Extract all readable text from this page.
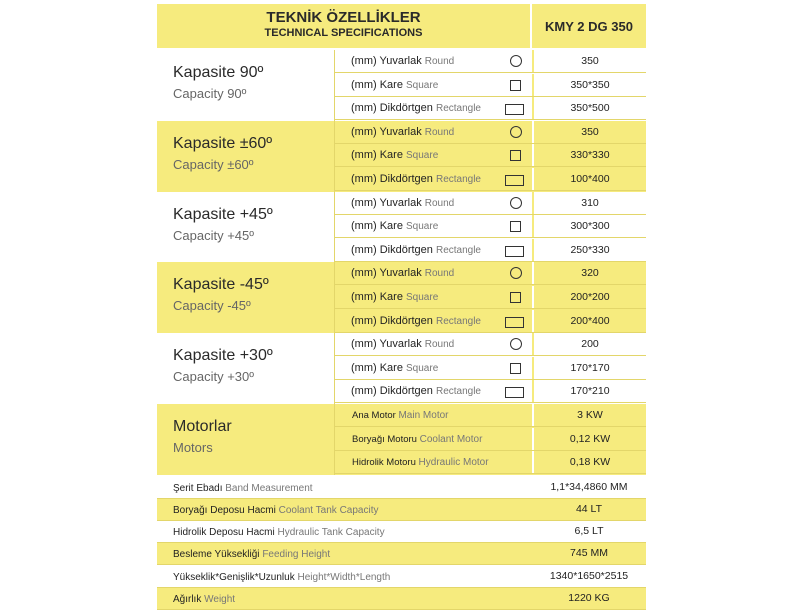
TEKNİK ÖZELLİKLER
TECHNICAL SPECIFICATIONS	KMY 2 DG 350
Kapasite 90º
Capacity 90º
(mm) Yuvarlak Round	350
(mm) Kare Square	350*350
(mm) Dikdörtgen Rectangle	350*500
Kapasite ±60º
Capacity ±60º
(mm) Yuvarlak Round	350
(mm) Kare Square	330*330
(mm) Dikdörtgen Rectangle	100*400
Kapasite +45º
Capacity +45º
(mm) Yuvarlak Round	310
(mm) Kare Square	300*300
(mm) Dikdörtgen Rectangle	250*330
Kapasite -45º
Capacity -45º
(mm) Yuvarlak Round	320
(mm) Kare Square	200*200
(mm) Dikdörtgen Rectangle	200*400
Kapasite +30º
Capacity +30º
(mm) Yuvarlak Round	200
(mm) Kare Square	170*170
(mm) Dikdörtgen Rectangle	170*210
Motorlar
Motors
Ana Motor Main Motor	3 KW
Boryağı Motoru Coolant Motor	0,12 KW
Hidrolik Motoru Hydraulic Motor	0,18 KW
Şerit Ebadı Band Measurement	1,1*34,4860 MM
Boryağı Deposu Hacmi Coolant Tank Capacity	44 LT
Hidrolik Deposu Hacmi Hydraulic Tank Capacity	6,5 LT
Besleme Yüksekliği Feeding Height	745 MM
Yükseklik*Genişlik*Uzunluk Height*Width*Length	1340*1650*2515
Ağırlık Weight	1220 KG
